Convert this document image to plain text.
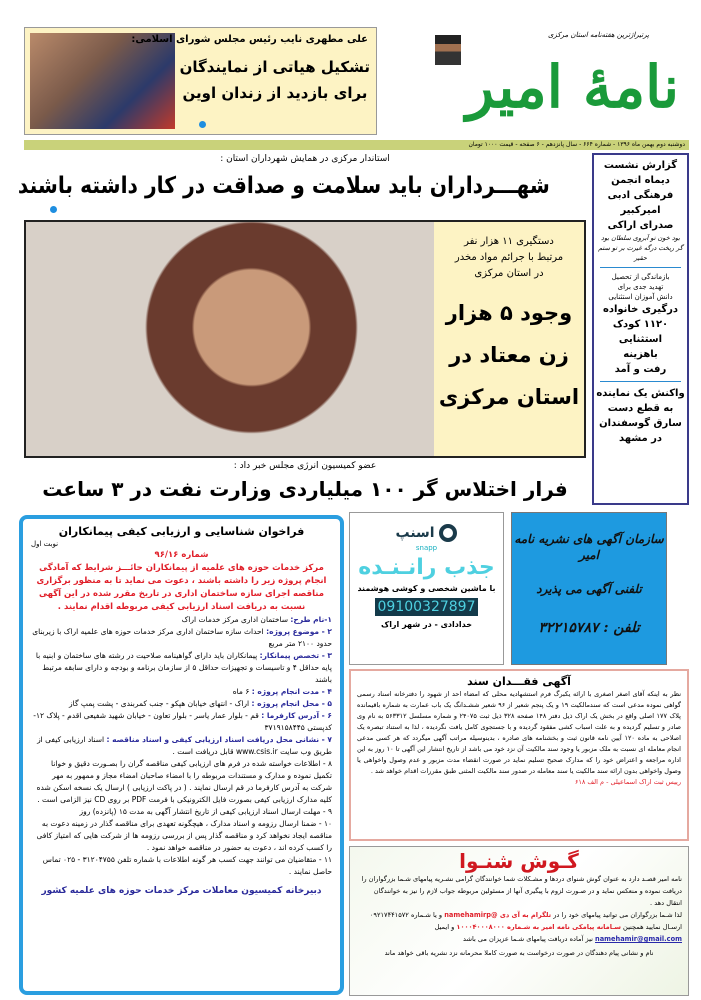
پرتیراژترین هفته‌نامه استان مرکزی
نامهٔ امیر
علی مطهری نایب رئیس مجلس شورای اسلامی:
تشکیل هیاتی از نمایندگان
برای بازدید از زندان اوین
دوشنبه دوم بهمن ماه ۱۳۹۶ - شماره ۶۶۴ - سال پانزدهم - ۶ صفحه - قیمت ۱۰۰۰ تومان
استاندار مرکزی در همایش شهرداران استان :
شهـــرداران باید سلامت و صداقت در کار داشته باشند
دستگیری ۱۱ هزار نفر
مرتبط با جرائم مواد مخدر
در استان مرکزی
وجود ۵ هزار
زن معتاد در
استان مرکزی
عضو کمیسیون انرژی مجلس خبر داد :
فرار اختلاس گر ۱۰۰ میلیاردی وزارت نفت در ۳ ساعت
گزارش نشست
دیماه انجمن
فرهنگی ادبی
امیرکبیر
صدرای اراکی
بود خون تو آبروی سلطان بود
گر ریخت درگه غیرت بر تو ستم حقیر
بازماندگی از تحصیل
تهدید جدی برای
دانش آموزان استثنایی
درگیری خانواده
۱۱۲۰ کودک
استثنایی
باهزینه
رفت و آمد
واکنش یک نماینده
به قطع دست
سارق گوسفندان
در مشهد
فراخوان شناسایی و ارزیابی کیفی پیمانکاران
نوبت اول
شماره ۹۶/۱۶
مرکز خدمات حوزه های علمیه از پیمانکاران حائـــز شرایط که آمادگی انجام پروژه زیر را داشته باشند ، دعوت می نماید تا به منظور برگزاری مناقصه اجرای سازه ساختمان اداری در تاریخ مقرر شده در این آگهی نسبت به دریافت اسناد ارزیابی کیفی مربوطه اقدام نمایند .
۱-نام طرح: ساختمان اداری مرکز خدمات اراک
۲ - موضوع پروژه: احداث سازه ساختمان اداری مرکز خدمات حوزه های علمیه اراک با زیربنای حدود ۲۱۰۰ متر مربع
۳ - تخصص پیمانکار: پیمانکاران باید دارای گواهینامه صلاحیت در رشته های ساختمان و ابنیه با پایه حداقل ۴ و تاسیسات و تجهیزات حداقل ۵ از سازمان برنامه و بودجه و دارای سابقه مرتبط باشند
۴ - مدت انجام پروژه : ۶ ماه
۵ - محل انجام پروژه : اراک - انتهای خیابان هپکو - جنب کمربندی - پشت پمپ گاز
۶ - آدرس کارفرما : قم - بلوار عمار یاسر - بلوار تعاون - خیابان شهید شفیعی اقدم - پلاک ۱۲-کدپستی ۳۷۱۹۱۵۸۴۴۵
۷ - نشانی محل دریافت اسناد ارزیابی کیفی و اسناد مناقصه : اسناد ارزیابی کیفی از طریق وب سایت www.csis.ir قابل دریافت است .
۸ - اطلاعات خواسته شده در فرم های ارزیابی کیفی مناقصه گران را بصـورت دقیق و خوانا تکمیل نموده و مدارک و مستندات مربوطه را با امضاء صاحبان امضاء مجاز و ممهور به مهر شرکت به آدرس کارفرما در قم ارسال نمایند . ( در پاکت ارزیابی ) ارسال یک نسخه اسکن شده کلیه مدارک ارزیابی کیفی بصورت فایل الکترونیکی با فرمت PDF بر روی CD نیز الزامی است .
۹ - مهلت ارسال اسناد ارزیابی کیفی از تاریخ انتشار آگهی به مدت ۱۵ (پانزده) روز
۱۰ - ضمنا ارسال رزومه و اسناد مدارک ، هیچگونه تعهدی برای مناقصه گذار در زمینه دعوت به مناقصه ایجاد نخواهد کرد و مناقصه گذار پس از بررسی رزومه ها از شرکت هایی که امتیاز کافی را کسب کرده اند ، دعوت به حضور در مناقصه خواهد نمود .
۱۱ - متقاضیان می توانند جهت کسب هر گونه اطلاعات با شماره تلفن ۳۱۲۰۴۷۵۵ - ۰۲۵ تماس حاصل نمایند .
دبیرخانه کمیسیون معاملات مرکز خدمات حوزه های علمیه کشور
اسنپ
snapp
جذب رانـنـده
با ماشین شخصی و کوشی هوشمند
09100327897
خدادادی - در شهر اراک
سازمان آگهی های نشریه نامه امیر
تلفنی آگهی می پذیرد
تلفن : ۳۲۲۱۵۷۸۷
آگهی فقـــدان سند
نظر به اینکه آقای اصغر اصغری با ارائه یکبرگ فرم استشهادیه محلی که امضاء احد از شهود را دفترخانه اسناد رسمی گواهی نموده مدعی است که سندمالکیت ۱۹ و یک پنجم شعیر از ۹۶ شعیر ششـدانگ یک باب عمارت به شماره باقیمانده پلاک ۱۷۷ اصلی واقع در بخش یک اراک ذیل دفتر ۱۴۸ صفحه ۳۲۸ ذیل ثبت ۲۴۰۷۵ و شماره مسلسل ۵۶۳۳۱۲ به نام وی صادر و تسلیم گردیده و به علت اسباب کشی مفقود گردیده و با جستجوی کامل یافت نگردیده ، لذا به استناد تبصره یک اصلاحی به ماده ۱۲۰ آیین نامه قانون ثبت و بخشنامه های صادره ، بدینوسیله مراتب آگهی میگردد که هر کسی مدعی انجام معامله ای نسبت به ملک مزبور یا وجود سند مالکیت آن نزد خود می باشد از تاریخ انتشار این آگهی تا ۱۰ روز به این اداره مراجعه و اعتراض خود را که مدارک صحیح تسلیم نماید در صورت انقضاء مدت مزبور و عدم وصول واخواهی یا وصول واخواهی بدون ارائه سند مالکیت یا سند معامله در صدور سند مالکیت المثنی طبق مقررات اقدام خواهد شد .
رییس ثبت اراک اسماعیلی - م الف ۶۱۸
گـوش شنـوا
نامه امیر قصـد دارد به عنوان گوش شنوای دردها و مشـکلات شما خوانندگان گرامی نشـریه پیامهای شـما بزرگواران را دریافت نموده و منعکس نماید و در صـورت لزوم با پیگیری آنها از مسئولین مربوطه جواب لازم را نیز به خوانندگان انتقال دهد .
لذا شـما بزرگواران می توانید پیامهای خود را در تلگرام به آی دی @namehamirp و یا شـماره ۰۹۲۱۷۴۴۱۵۷۲ ارسـال نمایید همچنین سـامانه پیامکی نامه امیر به شـماره ۱۰۰۰۴۰۰۰۸۰۰۰ و ایمیل namehamir@gmail.com نیز آماده دریافت پیامهای شـما عزیزان می باشد
نام و نشانی پیام دهندگان در صورت درخواست به صورت کاملا محرمانه نزد نشریه باقی خواهد ماند
